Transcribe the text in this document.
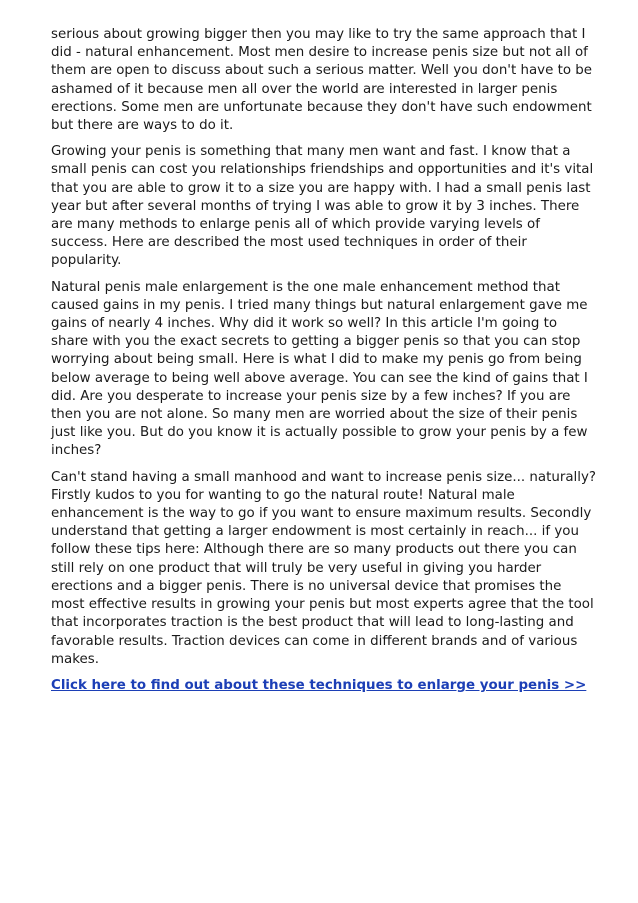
serious about growing bigger then you may like to try the same approach that I did - natural enhancement. Most men desire to increase penis size but not all of them are open to discuss about such a serious matter. Well you don't have to be ashamed of it because men all over the world are interested in larger penis erections. Some men are unfortunate because they don't have such endowment but there are ways to do it.

Growing your penis is something that many men want and fast. I know that a small penis can cost you relationships friendships and opportunities and it's vital that you are able to grow it to a size you are happy with. I had a small penis last year but after several months of trying I was able to grow it by 3 inches. There are many methods to enlarge penis all of which provide varying levels of success. Here are described the most used techniques in order of their popularity.

Natural penis male enlargement is the one male enhancement method that caused gains in my penis. I tried many things but natural enlargement gave me gains of nearly 4 inches. Why did it work so well? In this article I'm going to share with you the exact secrets to getting a bigger penis so that you can stop worrying about being small. Here is what I did to make my penis go from being below average to being well above average. You can see the kind of gains that I did. Are you desperate to increase your penis size by a few inches? If you are then you are not alone. So many men are worried about the size of their penis just like you. But do you know it is actually possible to grow your penis by a few inches?

Can't stand having a small manhood and want to increase penis size... naturally? Firstly kudos to you for wanting to go the natural route! Natural male enhancement is the way to go if you want to ensure maximum results. Secondly understand that getting a larger endowment is most certainly in reach... if you follow these tips here: Although there are so many products out there you can still rely on one product that will truly be very useful in giving you harder erections and a bigger penis. There is no universal device that promises the most effective results in growing your penis but most experts agree that the tool that incorporates traction is the best product that will lead to long-lasting and favorable results. Traction devices can come in different brands and of various makes.

Click here to find out about these techniques to enlarge your penis >>
